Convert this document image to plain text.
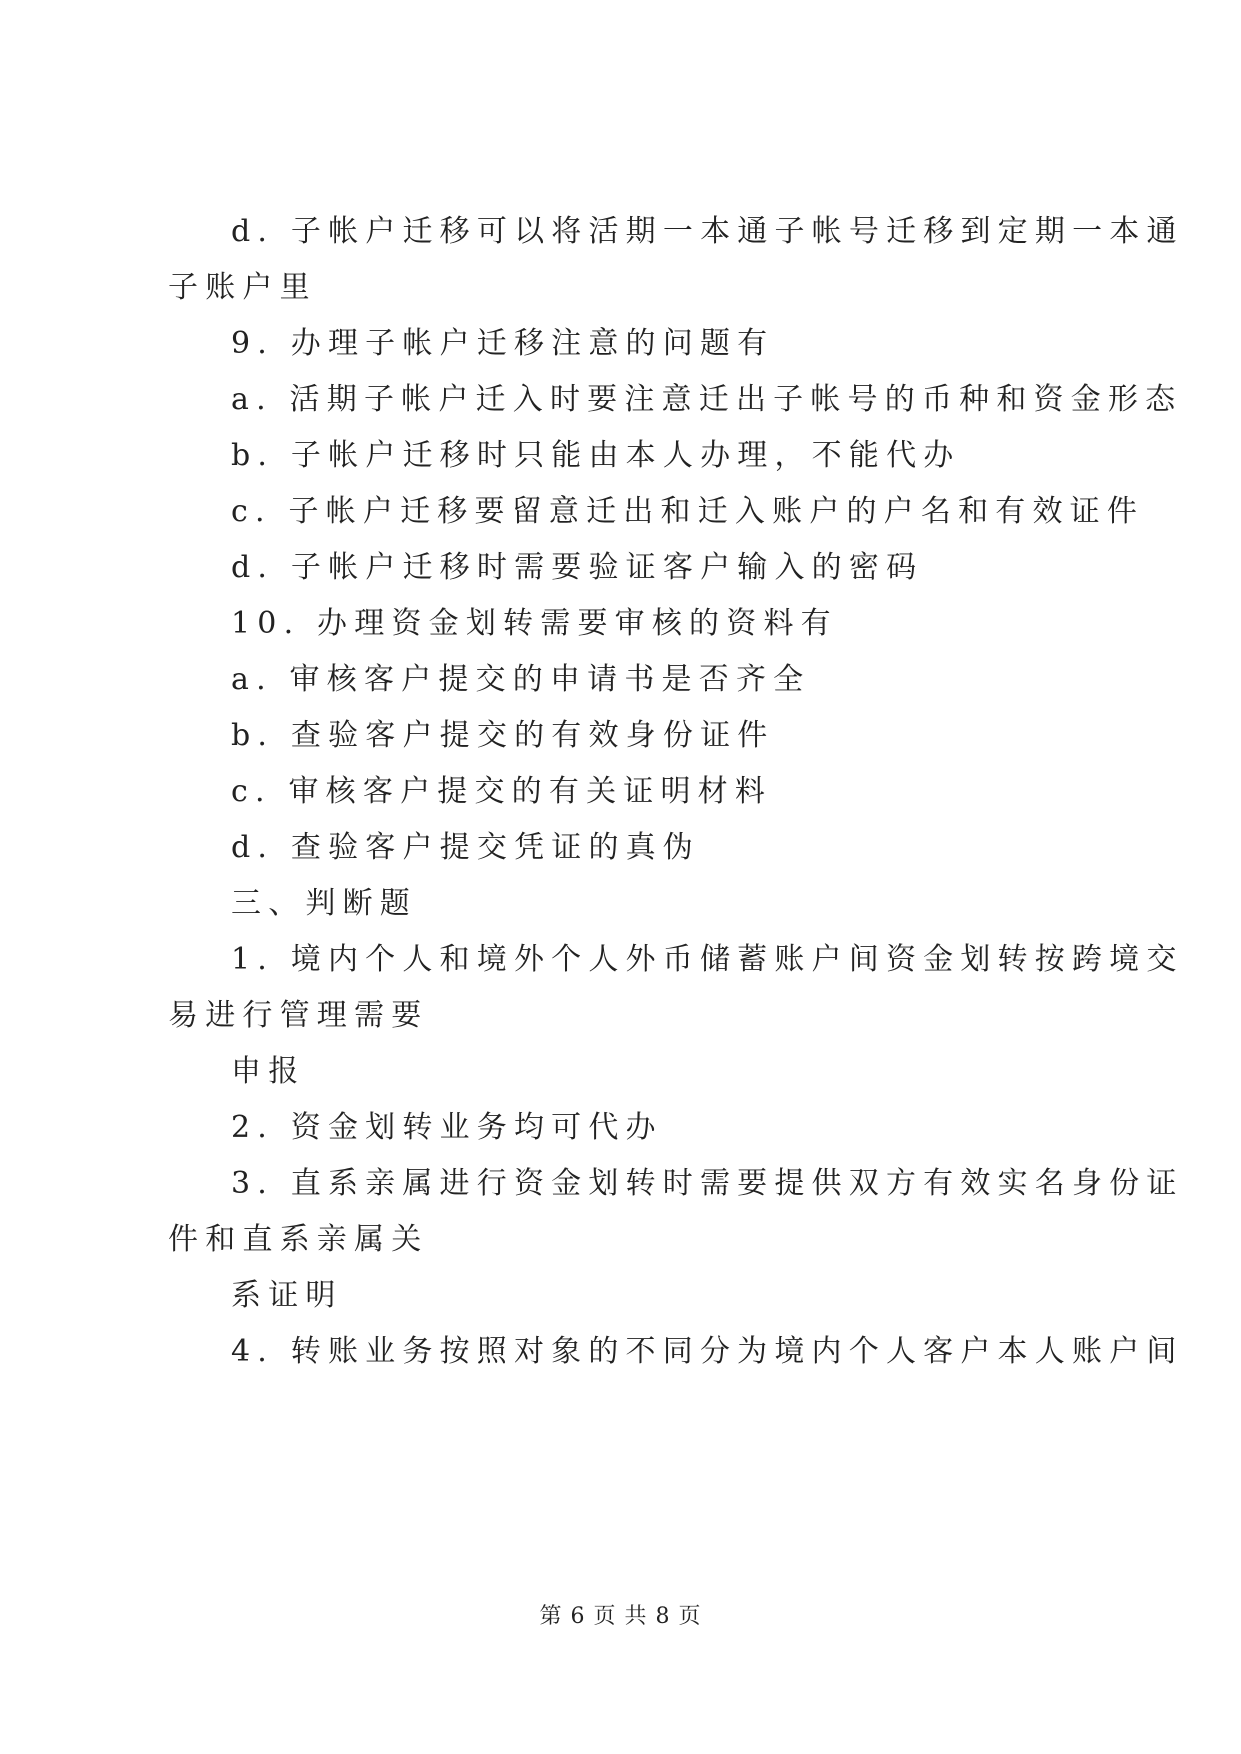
d. 子帐户迁移可以将活期一本通子帐号迁移到定期一本通
子账户里
9. 办理子帐户迁移注意的问题有
a. 活期子帐户迁入时要注意迁出子帐号的币种和资金形态
b. 子帐户迁移时只能由本人办理，不能代办
c. 子帐户迁移要留意迁出和迁入账户的户名和有效证件
d. 子帐户迁移时需要验证客户输入的密码
10. 办理资金划转需要审核的资料有
a. 审核客户提交的申请书是否齐全
b. 查验客户提交的有效身份证件
c. 审核客户提交的有关证明材料
d. 查验客户提交凭证的真伪
三、判断题
1. 境内个人和境外个人外币储蓄账户间资金划转按跨境交
易进行管理需要
申报
2. 资金划转业务均可代办
3. 直系亲属进行资金划转时需要提供双方有效实名身份证
件和直系亲属关
系证明
4. 转账业务按照对象的不同分为境内个人客户本人账户间
第 6 页 共 8 页
